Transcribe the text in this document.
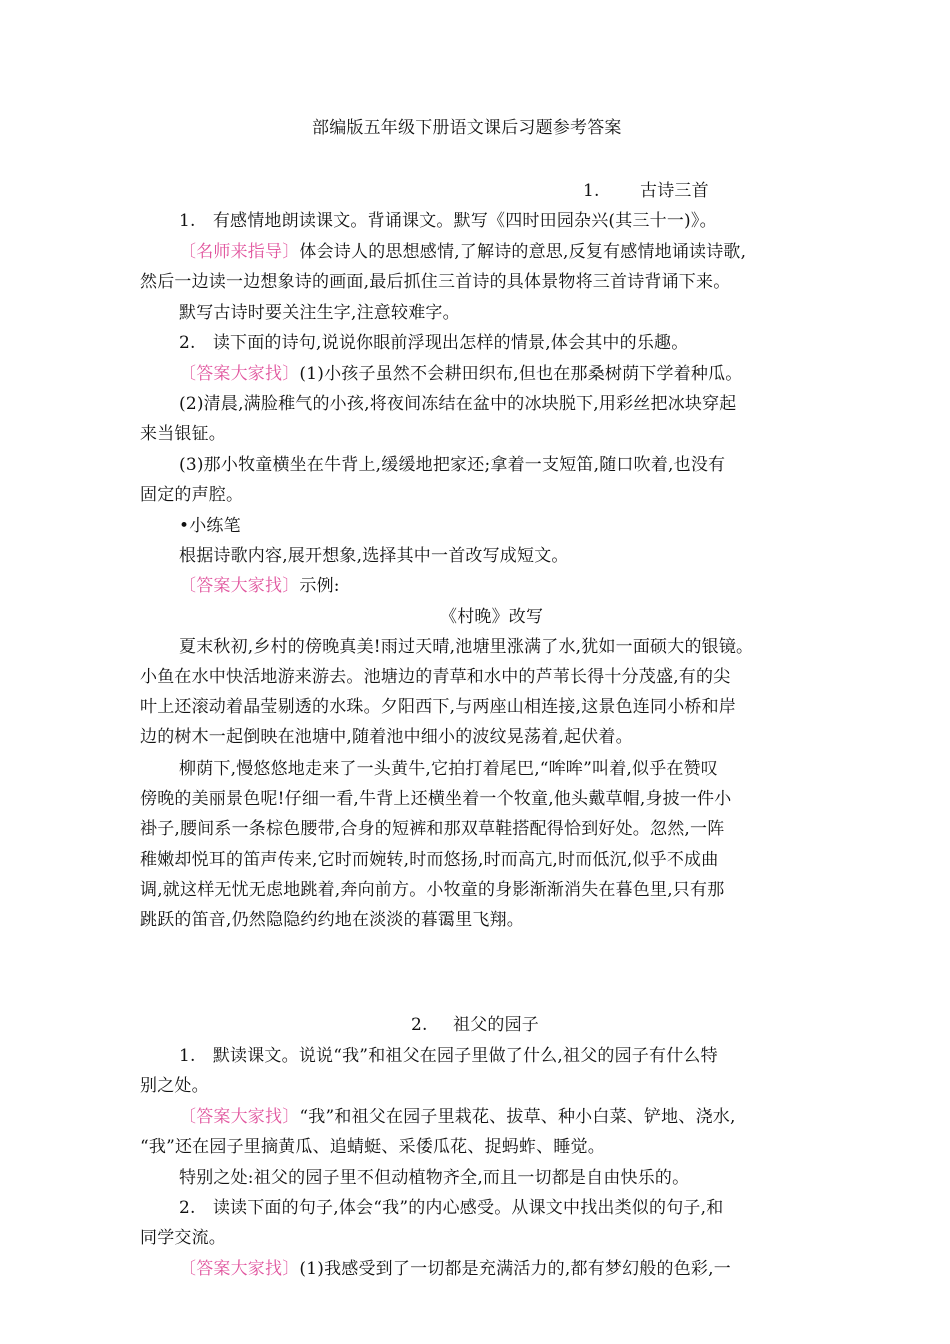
部编版五年级下册语文课后习题参考答案
1. 古诗三首
1.　有感情地朗读课文。背诵课文。默写《四时田园杂兴(其三十一)》。
〔名师来指导〕体会诗人的思想感情,了解诗的意思,反复有感情地诵读诗歌,
然后一边读一边想象诗的画面,最后抓住三首诗的具体景物将三首诗背诵下来。
默写古诗时要关注生字,注意较难字。
2.　读下面的诗句,说说你眼前浮现出怎样的情景,体会其中的乐趣。
〔答案大家找〕(1)小孩子虽然不会耕田织布,但也在那桑树荫下学着种瓜。
(2)清晨,满脸稚气的小孩,将夜间冻结在盆中的冰块脱下,用彩丝把冰块穿起
来当银钲。
(3)那小牧童横坐在牛背上,缓缓地把家还;拿着一支短笛,随口吹着,也没有
固定的声腔。
•小练笔
根据诗歌内容,展开想象,选择其中一首改写成短文。
〔答案大家找〕示例:
《村晚》改写
夏末秋初,乡村的傍晚真美!雨过天晴,池塘里涨满了水,犹如一面硕大的银镜。
小鱼在水中快活地游来游去。池塘边的青草和水中的芦苇长得十分茂盛,有的尖
叶上还滚动着晶莹剔透的水珠。夕阳西下,与两座山相连接,这景色连同小桥和岸
边的树木一起倒映在池塘中,随着池中细小的波纹晃荡着,起伏着。
柳荫下,慢悠悠地走来了一头黄牛,它拍打着尾巴,“哞哞”叫着,似乎在赞叹
傍晚的美丽景色呢!仔细一看,牛背上还横坐着一个牧童,他头戴草帽,身披一件小
褂子,腰间系一条棕色腰带,合身的短裤和那双草鞋搭配得恰到好处。忽然,一阵
稚嫩却悦耳的笛声传来,它时而婉转,时而悠扬,时而高亢,时而低沉,似乎不成曲
调,就这样无忧无虑地跳着,奔向前方。小牧童的身影渐渐消失在暮色里,只有那
跳跃的笛音,仍然隐隐约约地在淡淡的暮霭里飞翔。
2. 祖父的园子
1.　默读课文。说说“我”和祖父在园子里做了什么,祖父的园子有什么特
别之处。
〔答案大家找〕“我”和祖父在园子里栽花、拔草、种小白菜、铲地、浇水,
“我”还在园子里摘黄瓜、追蜻蜓、采倭瓜花、捉蚂蚱、睡觉。
特别之处:祖父的园子里不但动植物齐全,而且一切都是自由快乐的。
2.　读读下面的句子,体会“我”的内心感受。从课文中找出类似的句子,和
同学交流。
〔答案大家找〕(1)我感受到了一切都是充满活力的,都有梦幻般的色彩,一
